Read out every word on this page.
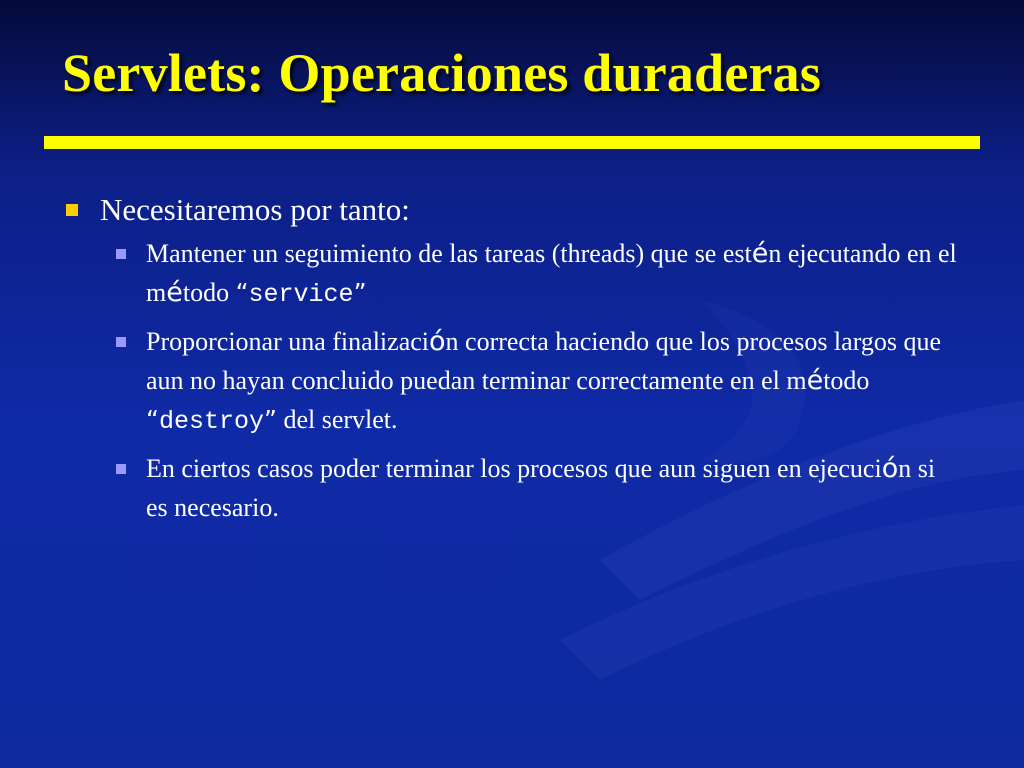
Servlets: Operaciones duraderas
Necesitaremos por tanto:
Mantener un seguimiento de las tareas (threads) que se estén ejecutando en el método “service”
Proporcionar una finalización correcta haciendo que los procesos largos que aun no hayan concluido puedan terminar correctamente en el método “destroy” del servlet.
En ciertos casos poder terminar los procesos que aun siguen en ejecución si es necesario.
